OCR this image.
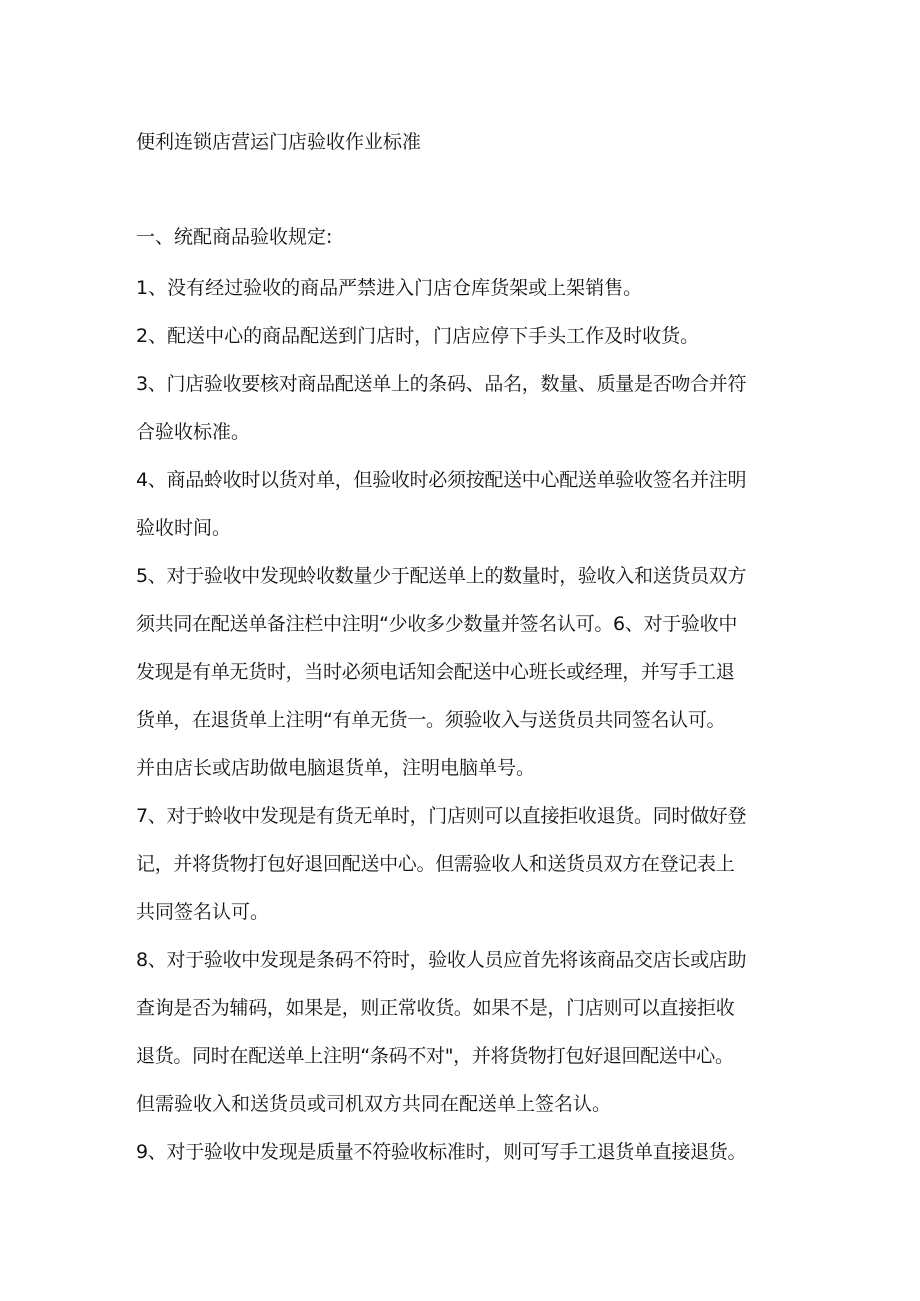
便利连锁店营运门店验收作业标准
一、统配商品验收规定:
1、没有经过验收的商品严禁进入门店仓库货架或上架销售。
2、配送中心的商品配送到门店时，门店应停下手头工作及时收货。
3、门店验收要核对商品配送单上的条码、品名，数量、质量是否吻合并符
合验收标准。
4、商品蛉收时以货对单，但验收时必须按配送中心配送单验收签名并注明
验收时间。
5、对于验收中发现蛉收数量少于配送单上的数量时，验收入和送货员双方
须共同在配送单备注栏中注明“少收多少数量并签名认可。6、对于验收中
发现是有单无货时，当时必须电话知会配送中心班长或经理，并写手工退
货单，在退货单上注明“有单无货一。须验收入与送货员共同签名认可。
并由店长或店助做电脑退货单，注明电脑单号。
7、对于蛉收中发现是有货无单时，门店则可以直接拒收退货。同时做好登
记，并将货物打包好退回配送中心。但需验收人和送货员双方在登记表上
共同签名认可。
8、对于验收中发现是条码不符时，验收人员应首先将该商品交店长或店助
查询是否为辅码，如果是，则正常收货。如果不是，门店则可以直接拒收
退货。同时在配送单上注明“条码不对"，并将货物打包好退回配送中心。
但需验收入和送货员或司机双方共同在配送单上签名认。
9、对于验收中发现是质量不符验收标准时，则可写手工退货单直接退货。
